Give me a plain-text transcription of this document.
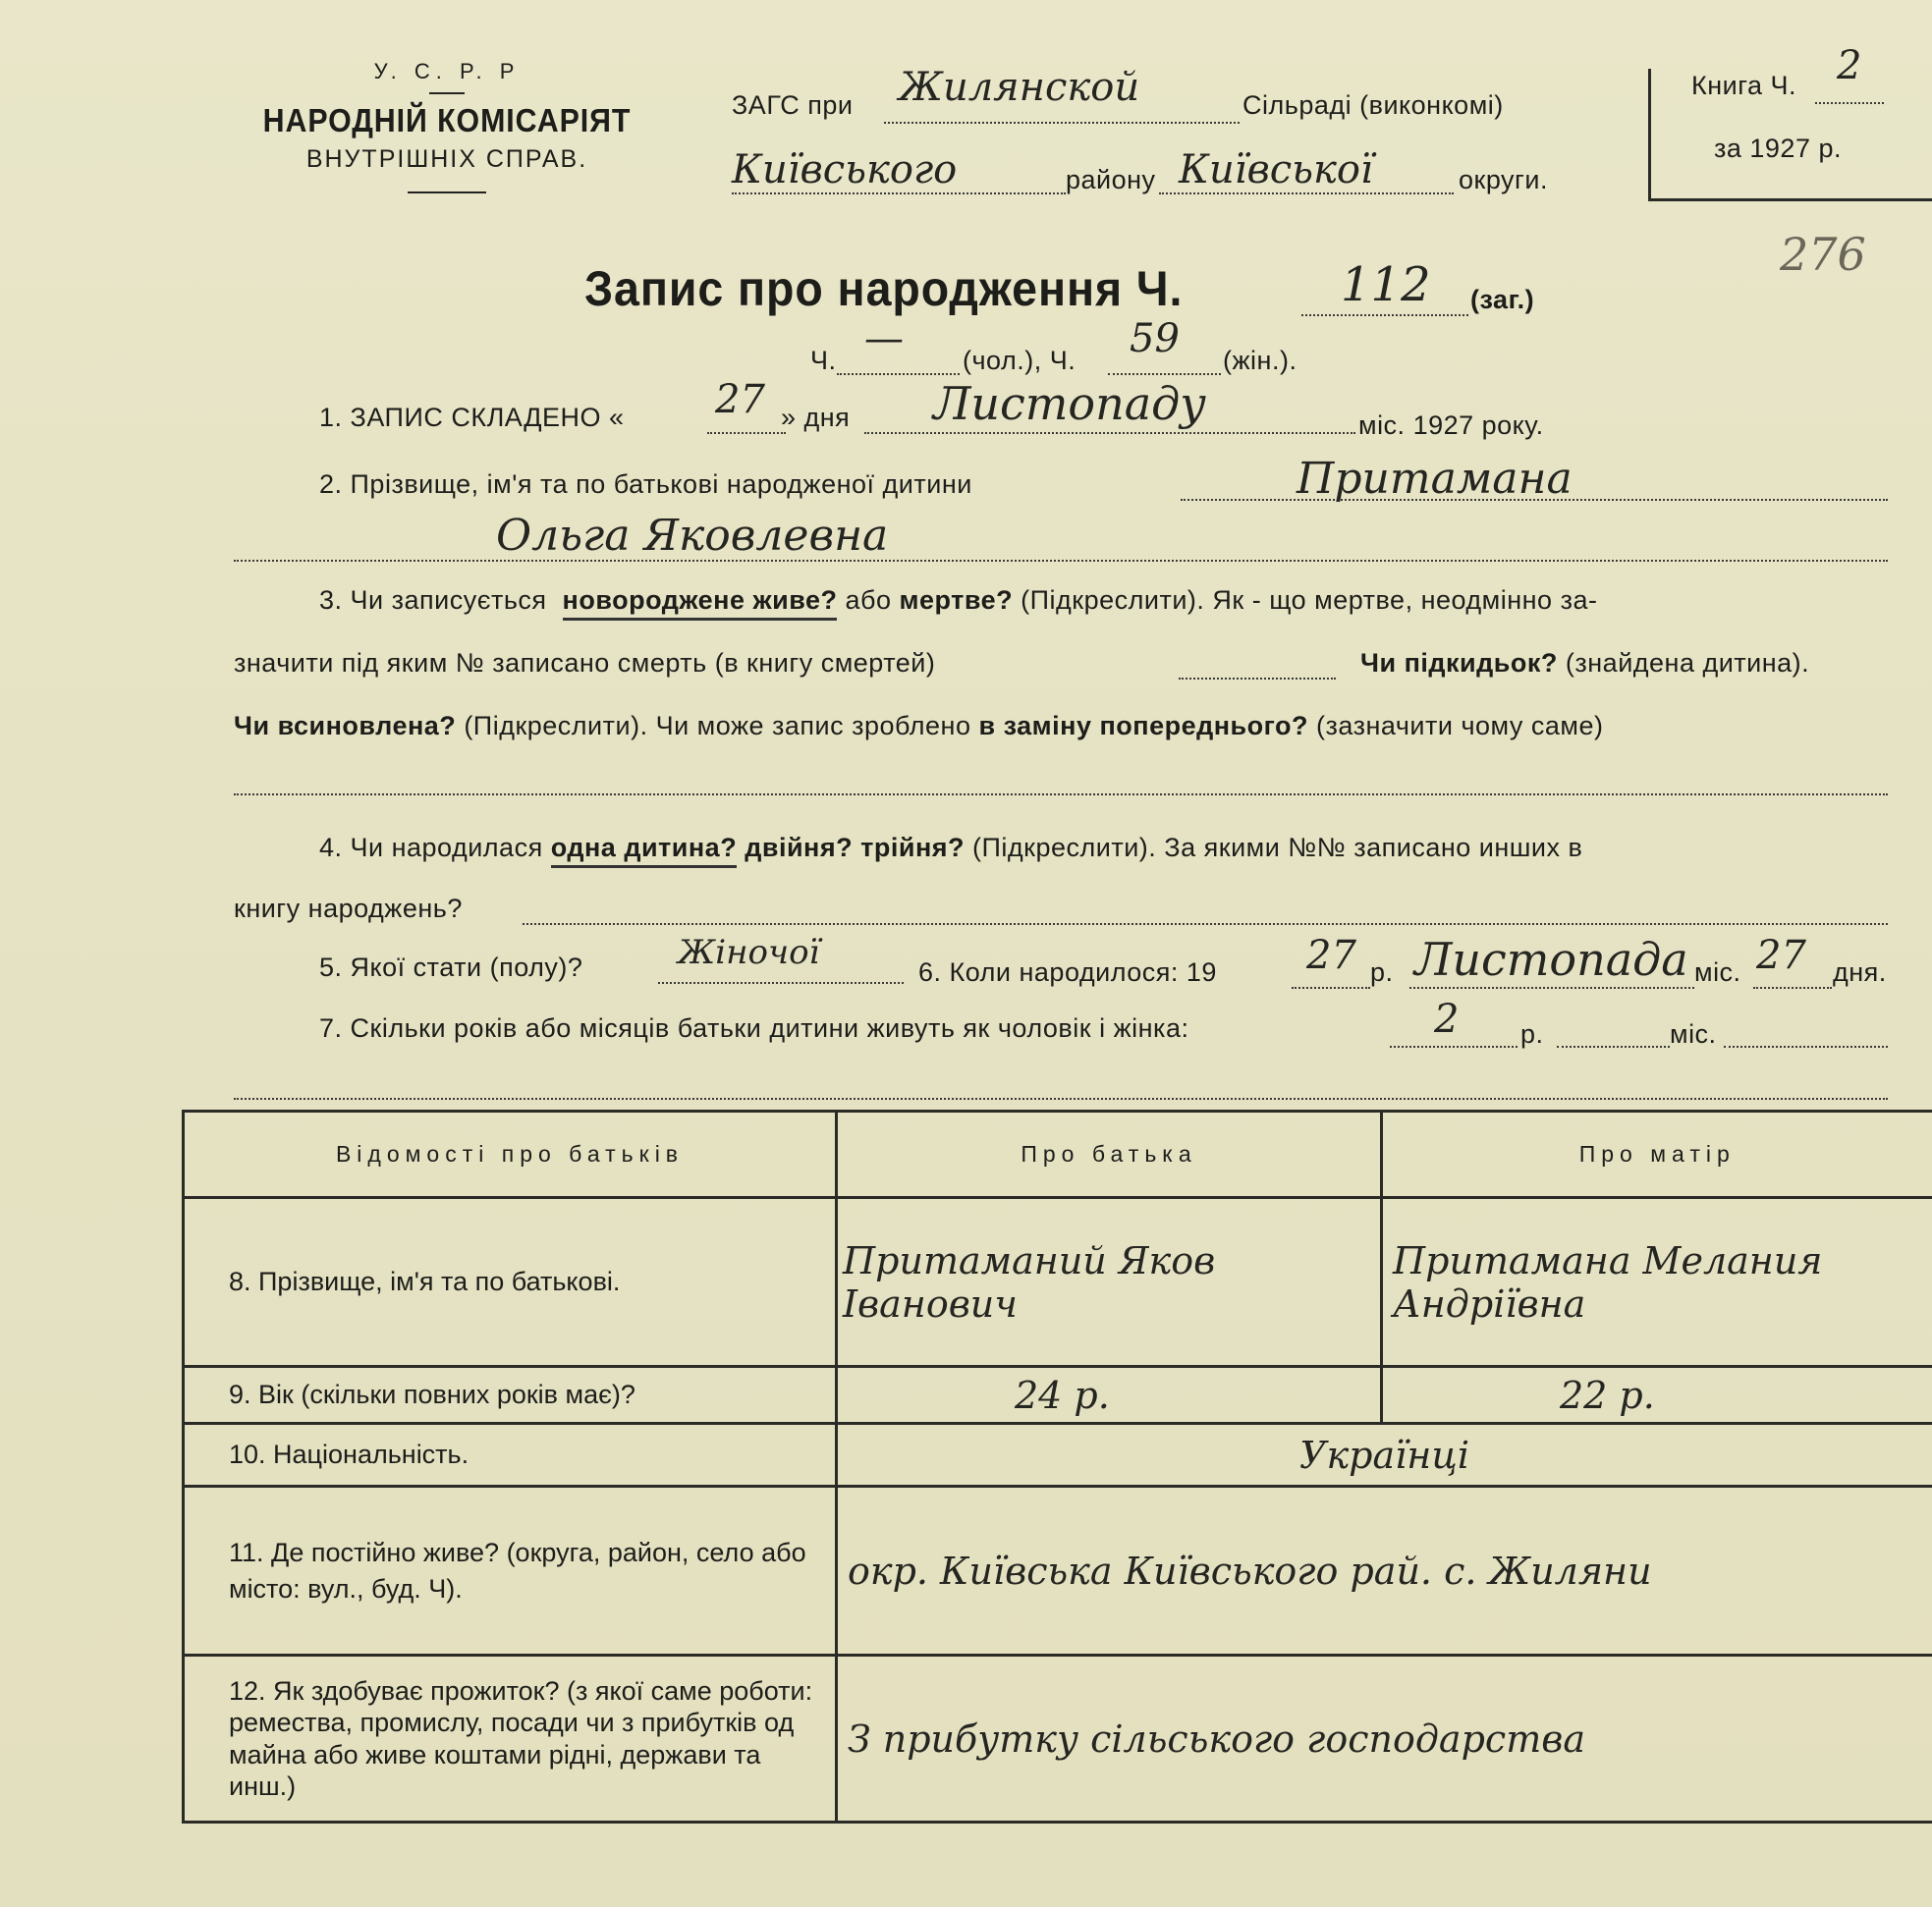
У. С. Р. Р
НАРОДНІЙ КОМІСАРІЯТ
ВНУТРІШНІХ СПРАВ.
ЗАГС при Жилянской	Сільраді (виконкомі)
Київського	району Київської	округи.
Книга Ч. 2
за 1927 р.
276
Запис про народження Ч.	112 (заг.)
Ч. — (чол.), Ч. 59 (жін.).
1. ЗАПИС СКЛАДЕНО « 27 » дня Листопаду	міс. 1927 року.
2. Прізвище, ім'я та по батькові народженої дитини	Притамана
Ольга Яковлевна
3. Чи записується новороджене живе? або мертве? (Підкреслити). Як - що мертве, неодмінно за-
значити під яким № записано смерть (в книгу смертей)	Чи підкидьок? (знайдена дитина).
Чи всиновлена? (Підкреслити). Чи може запис зроблено в заміну попереднього? (зазначити чому саме)
4. Чи народилася одна дитина? двійня? трійня? (Підкреслити). За якими №№ записано инших в
книгу народжень?
5. Якої стати (полу)?	Жіночої	6. Коли народилося: 19 27 р. Листопада міс. 27 дня.
7. Скільки років або місяців батьки дитини живуть як чоловік і жінка:	2 р.	міс.
Відомості про батьків	Про батька	Про матір
8. Прізвище, ім'я та по батькові.	Притаманий Яков Іванович	Притамана Мелания Андріївна
9. Вік (скільки повних років має)?	24 р.	22 р.
10. Національність.	Українці	
11. Де постійно живе? (округа, район, село або місто: вул., буд. Ч).	окр. Київська Київського рай. с. Жиляни	
12. Як здобуває прожиток? (з якої саме роботи: ремества, промислу, посади чи з прибутків од майна або живе коштами рідні, держави та инш.)	З прибутку сільського господарства	
